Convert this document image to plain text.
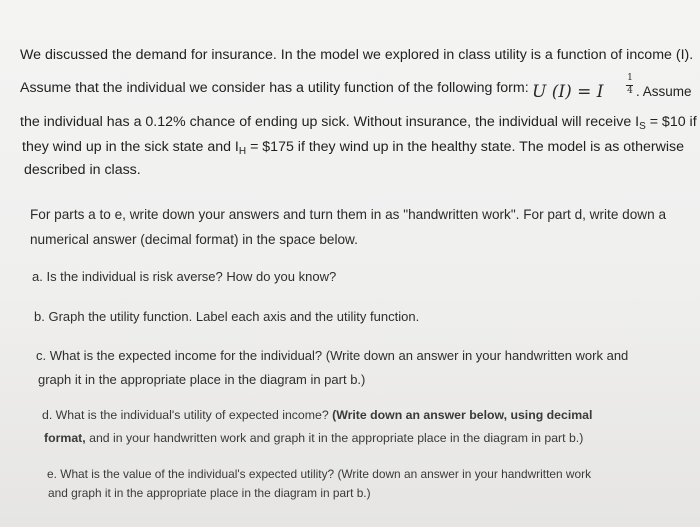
We discussed the demand for insurance. In the model we explored in class utility is a function of income (I).
Assume that the individual we consider has a utility function of the following form: U (I) = I
1
4 . Assume
the individual has a 0.12% chance of ending up sick. Without insurance, the individual will receive $I_S$ = $10 if
they wind up in the sick state and $I_H$ = $175 if they wind up in the healthy state. The model is as otherwise
described in class.
For parts a to e, write down your answers and turn them in as "handwritten work". For part d, write down a
numerical answer (decimal format) in the space below.
a. Is the individual is risk averse? How do you know?
b. Graph the utility function. Label each axis and the utility function.
c. What is the expected income for the individual? (Write down an answer in your handwritten work and
graph it in the appropriate place in the diagram in part b.)
d. What is the individual's utility of expected income? (Write down an answer below, using decimal
format, and in your handwritten work and graph it in the appropriate place in the diagram in part b.)
e. What is the value of the individual's expected utility? (Write down an answer in your handwritten work
and graph it in the appropriate place in the diagram in part b.)
